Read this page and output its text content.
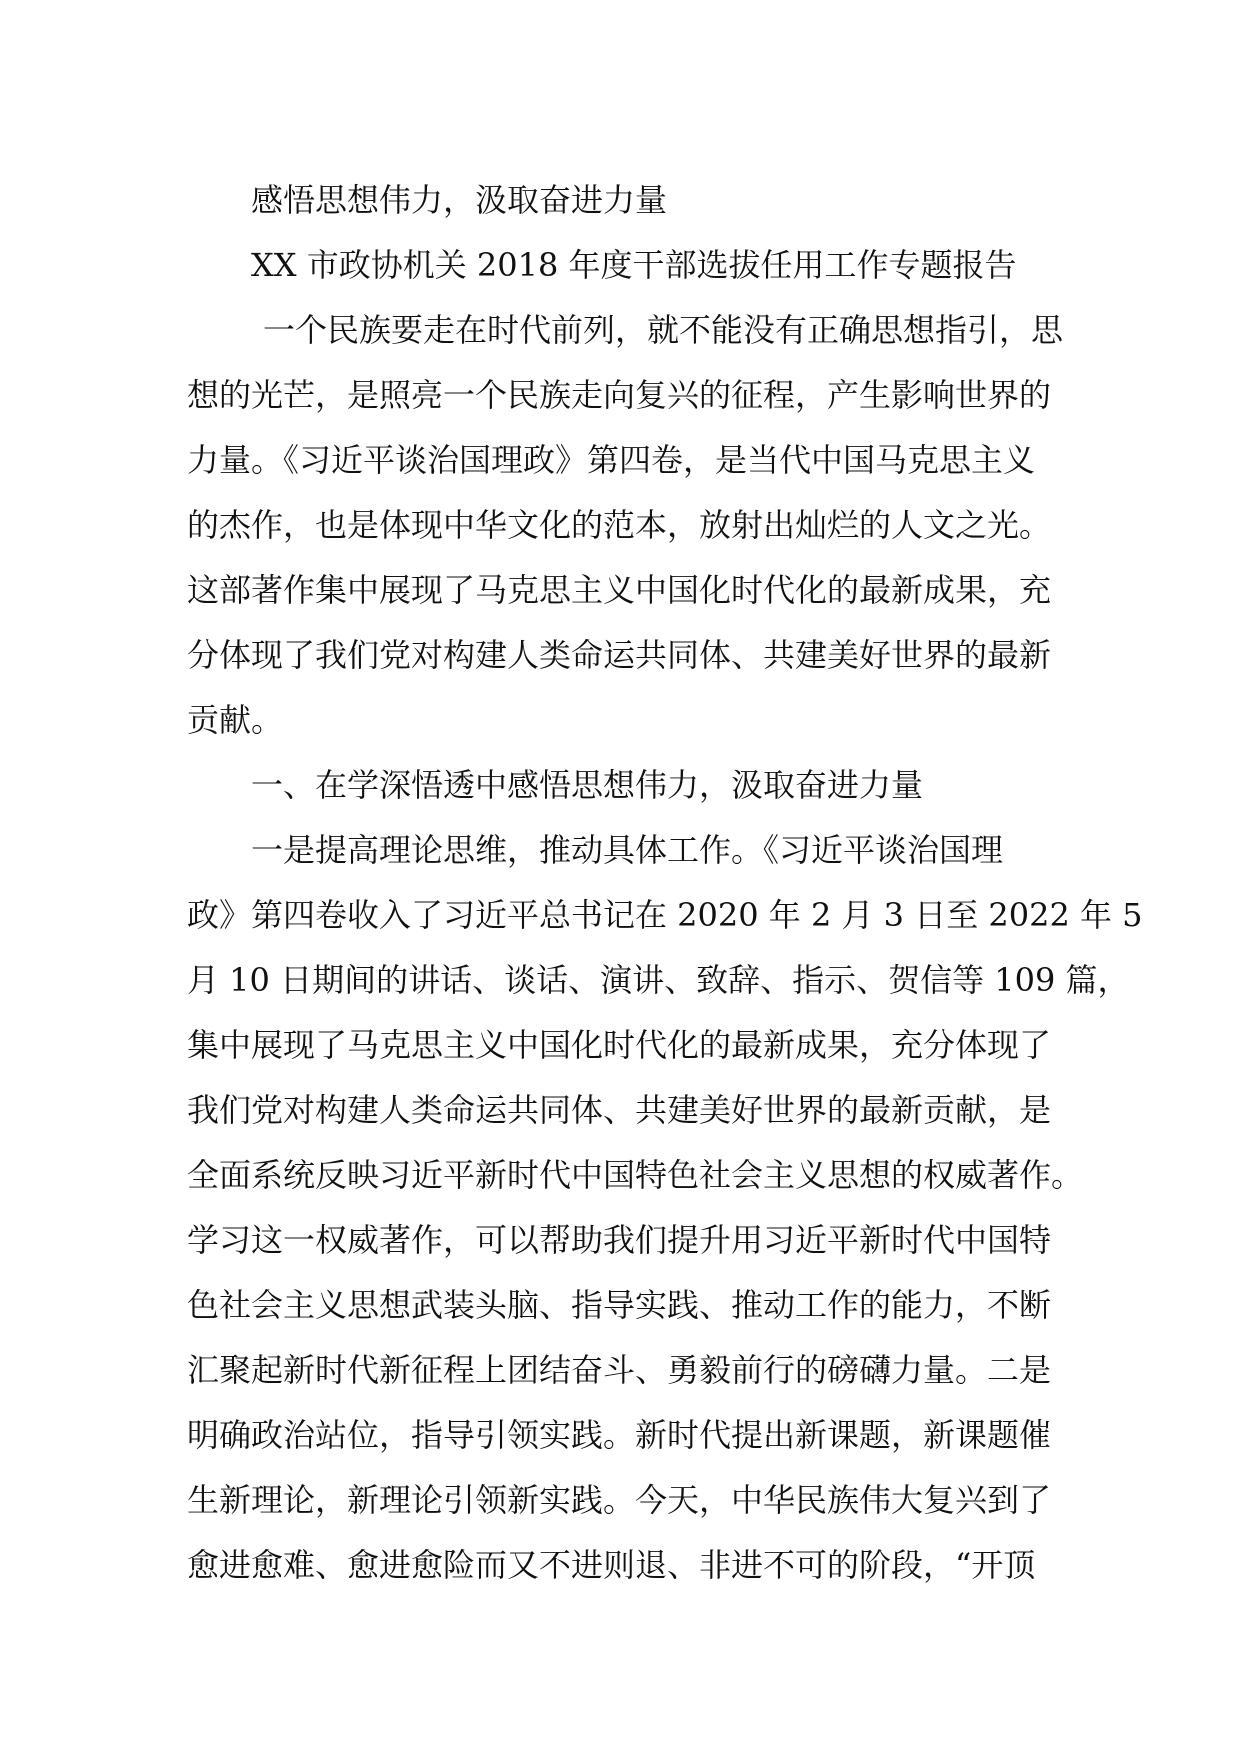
感悟思想伟力，汲取奋进力量
XX 市政协机关 2018 年度干部选拔任用工作专题报告
一个民族要走在时代前列，就不能没有正确思想指引，思
想的光芒，是照亮一个民族走向复兴的征程，产生影响世界的
力量。《习近平谈治国理政》第四卷，是当代中国马克思主义
的杰作，也是体现中华文化的范本，放射出灿烂的人文之光。
这部著作集中展现了马克思主义中国化时代化的最新成果，充
分体现了我们党对构建人类命运共同体、共建美好世界的最新
贡献。
一、在学深悟透中感悟思想伟力，汲取奋进力量
一是提高理论思维，推动具体工作。《习近平谈治国理
政》第四卷收入了习近平总书记在 2020 年 2 月 3 日至 2022 年 5
月 10 日期间的讲话、谈话、演讲、致辞、指示、贺信等 109 篇，
集中展现了马克思主义中国化时代化的最新成果，充分体现了
我们党对构建人类命运共同体、共建美好世界的最新贡献，是
全面系统反映习近平新时代中国特色社会主义思想的权威著作。
学习这一权威著作，可以帮助我们提升用习近平新时代中国特
色社会主义思想武装头脑、指导实践、推动工作的能力，不断
汇聚起新时代新征程上团结奋斗、勇毅前行的磅礴力量。二是
明确政治站位，指导引领实践。新时代提出新课题，新课题催
生新理论，新理论引领新实践。今天，中华民族伟大复兴到了
愈进愈难、愈进愈险而又不进则退、非进不可的阶段，“开顶
